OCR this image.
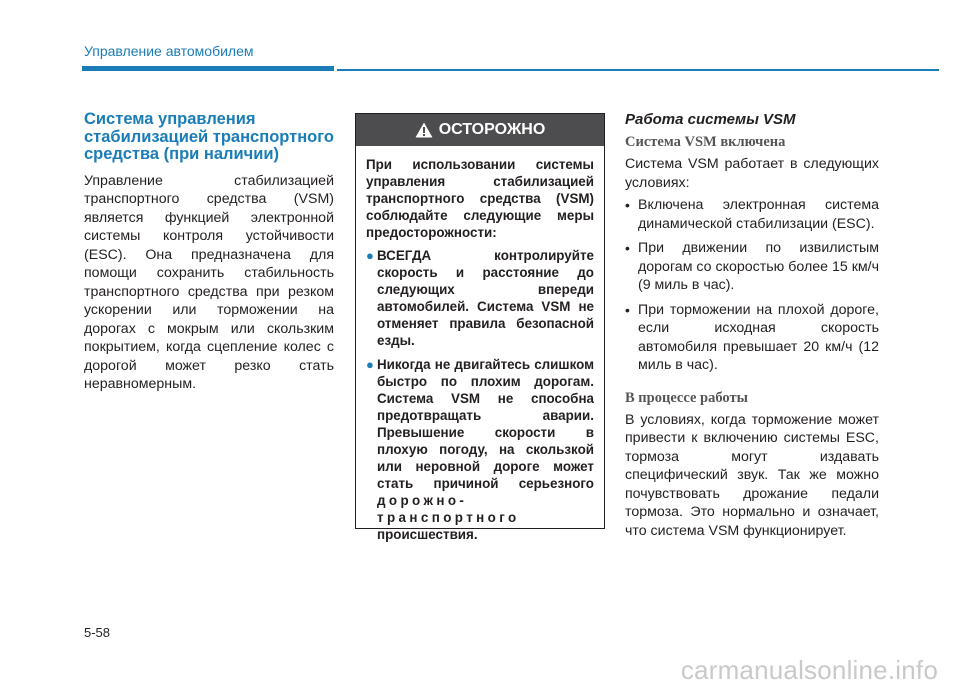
Управление автомобилем
Система управления стабилизацией транспортного средства (при наличии)

Управление стабилизацией транспортного средства (VSM) является функцией электронной системы контроля устойчивости (ESC). Она предназначена для помощи сохранить стабильность транспортного средства при резком ускорении или торможении на дорогах с мокрым или скользким покрытием, когда сцепление колес с дорогой может резко стать неравномерным.

ОСТОРОЖНО

При использовании системы управления стабилизацией транспортного средства (VSM) соблюдайте следующие меры предосторожности:

● ВСЕГДА контролируйте скорость и расстояние до следующих впереди автомобилей. Система VSM не отменяет правила безопасной езды.
● Никогда не двигайтесь слишком быстро по плохим дорогам. Система VSM не способна предотвращать аварии. Превышение скорости в плохую погоду, на скользкой или неровной дороге может стать причиной серьезного дорожно-транспортного происшествия.
Работа системы VSM
Система VSM включена

Система VSM работает в следующих условиях:

• Включена электронная система динамической стабилизации (ESC).
• При движении по извилистым дорогам со скоростью более 15 км/ч (9 миль в час).
• При торможении на плохой дороге, если исходная скорость автомобиля превышает 20 км/ч (12 миль в час).
В процессе работы

В условиях, когда торможение может привести к включению системы ESC, тормоза могут издавать специфический звук. Так же можно почувствовать дрожание педали тормоза. Это нормально и означает, что система VSM функционирует.

5-58
carmanualsonline.info
